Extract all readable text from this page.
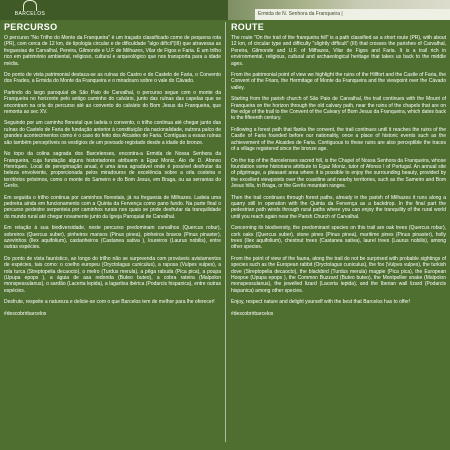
BARCELOS	Ermida de N. Senhora da Franqueira |
PERCURSO

O percurso "No Trilho do Monte da Franqueira" é um traçado classificado como de pequena rota (PR), com cerca de 12 km, de tipologia circular e de dificuldade "algo difícil"(III) que atravessa as freguesias de Carvalhal, Pereira, Gilmonde e U.F de Milhazes, Vilar de Figos e Faria. É um trilho rico em património ambiental, religioso, cultural e arqueológico que nos transporta para a idade média.

Do ponto de vista patrimonial destaca-se as ruínas do Castro e do Castelo de Faria, o Convento dos Frades, a Ermida do Monte da Franqueira e o miradouro sobre o vale do Cávado.

Partindo do largo paroquial de São Paio de Carvalhal, o percurso segue com o monte da Franqueira no horizonte pelo antigo caminho do calvário, junto das ruínas das capelas que se encontram na orla do percurso até ao convento do calvário do Bom Jesus da Franqueira, que remonta ao sec XV.

Seguindo por um caminho florestal que ladeia o convento, o trilho continua até chegar junto das ruínas do Castelo de Faria de fundação anterior à constituição da nacionalidade, outrora palco de grandes acontecimentos como é o caso do feito dos Alcaides de Faria. Contíguas a essas ruínas são também perceptíveis os vestígios de um povoado registado desde a idade do bronze.

No topo da colina sagrada dos Barcelenses, encontra-a Ermida de Nossa Senhora da Franqueira, cuja fundação alguns historiadores atribuem a Egaz Moniz, Aio de D. Afonso Henriques. Local de peregrinação anual, é uma área agradável onde é possível desfrutar da beleza envolvente, proporcionada pelos miradouros de excelência sobre a orla costeira e territórios próximos, como o monte do Sameiro e do Bom Jesus, em Braga, ou as serranias do Gerês.

Em seguida o trilho continua por caminhos florestais, já na freguesia de Milhazes. Ladeia uma pedreira ainda em funcionamento com a Quinta da Fervença como pano fundo. Na parte final o percurso pedestre serpenteia por caminhos rurais nos quais se pode desfrutar da tranquilidade do mundo rural até chegar novamente junto da Igreja Paroquial de Carvalhal.

Em relação à sua biodiversidade, neste percurso predominam carvalhos (Quercus robur), sobreiros (Quercus suber), pinheiros mansos (Pinus pinea), pinheiros bravos (Pinus pinaster), azevinhos (Ilex aquifolium), castanheiros (Castanea sativa ), loureiros (Laurus nobilis), entre outras espécies.

Do ponto de vista faunístico, ao longo do trilho não se surpreenda com prováveis avistamentos de espécies, tais como: o coelho europeu (Oryctolagus cuniculus), a raposa (Vulpes vulpes), a rola turca (Streptopelia decaocto), o melro (Turdus merula), a pêga rabuda (Pica pica), a poupa (Upupa epops ), a águia de asa redonda (Buteo buteo), a cobra rateira (Malpolon monspessulanus), o sardão (Lacerta lepida), a lagartixa ibérica (Podarcis hispanica), entre outras espécies.

Desfrute, respeite a natureza e delicie-se com o que Barcelos tem de melhor para lhe oferecer!

#descobrirbarcelos

ROUTE

The route "On the trail of the franqueira hill" is a path classified as a short route (PR), with about 12 km, of circular type and difficulty "slightly difficult" (III) that crosses the parishes of Carvalhal, Pereira, Gilmonde and U.F. of Milhazes, Vilar de Figos and Faria. It is a trail rich in environmental, religious, cultural and archaeological heritage that takes us back to the middle ages.

From the patrimonial point of view we highlight the ruins of the Hillfort and the Castle of Faria, the Convent of the Friars, the Hermitage of Monte da Franqueira and the viewpoint over the Cávado valley.

Starting from the parish church of São Paio de Carvalhal, the trail continues with the Mount of Franqueira on the horizon through the old calvary path, near the ruins of the chapels that are on the edge of the trail to the Convent of the Calvary of Bom Jesus da Franqueira, which dates back to the fifteenth century.

Following a forest path that flanks the convent, the trail continues until it reaches the ruins of the Castle of Faria founded before our nationality, once a place of historic events such as the achievement of the Alcaides de Faria. Contiguous to these ruins are also perceptible the traces of a village registered since the bronze age.

On the top of the Barcelenses sacred hill, is the Chapel of Nossa Senhora da Franqueira, whose foundation some historians attribute to Egaz Moniz, tutor of Afonso I of Portugal. An annual site of pilgrimage, a pleasant area where it is possible to enjoy the surrounding beauty, provided by the excellent viewpoints over the coastline and nearby territories, such as the Sameiro and Bom Jesus hills, in Braga, or the Gerês mountain ranges.

Then the trail continues through forest paths, already in the parish of Milhazes it runs along a quarry still in operation with the Quinta da Fervença as a backdrop. In the final part the pedestrian path winds through rural paths where you can enjoy the tranquility of the rural world until you reach again near the Parish Church of Carvalhal.

Concerning its biodiversity, the predominant species on this trail are oak trees (Quercus robur), cork oaks (Quercus suber), stone pines (Pinus pinea), maritime pines (Pinus pinaster), holly trees (Ilex aquifolium), chestnut trees (Castanea sativa), laurel trees (Laurus nobilis), among other species.

From the point of view of the fauna, along the trail do not be surprised with probable sightings of species such as the European rabbit (Oryctolagus cuniculus), the fox (Vulpes vulpes), the turkish dove (Streptopelia decaocto), the blackbird (Turdus merula) magpie (Pica pica), the European Hoopoe (Upupa epops ), the Common Buzzard (Buteo buteo), the Montpellier snake (Malpolon monspessulanus), the jewelled lizard (Lacerta lepida), and the Iberian wall lizard (Podarcis hispanica) among other species.

Enjoy, respect nature and delight yourself with the best that Barcelos has to offer!

#descobrirbarcelos
